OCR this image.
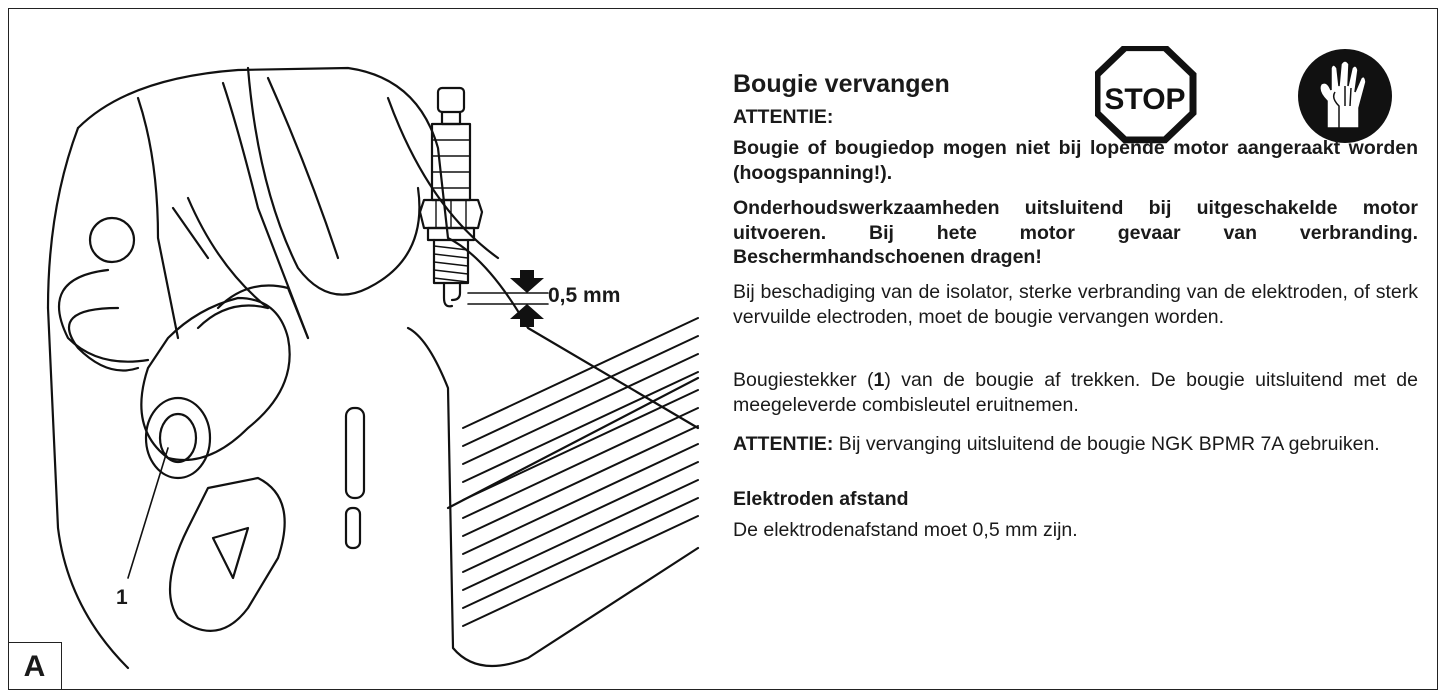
1
0,5 mm
A
STOP
Bougie vervangen
ATTENTIE:

Bougie of bougiedop mogen niet bij lopende motor aangeraakt worden (hoogspanning!).

Onderhoudswerkzaamheden uitsluitend bij uitgeschakelde motor uitvoeren. Bij hete motor gevaar van verbranding. Beschermhandschoenen dragen!

Bij beschadiging van de isolator, sterke verbranding van de elektroden, of sterk vervuilde electroden, moet de bougie vervangen worden.

Bougiestekker (1) van de bougie af trekken. De bougie uitsluitend met de meegeleverde combisleutel eruitnemen.

ATTENTIE: Bij vervanging uitsluitend de bougie NGK BPMR 7A gebruiken.

Elektroden afstand

De elektrodenafstand moet 0,5 mm zijn.
